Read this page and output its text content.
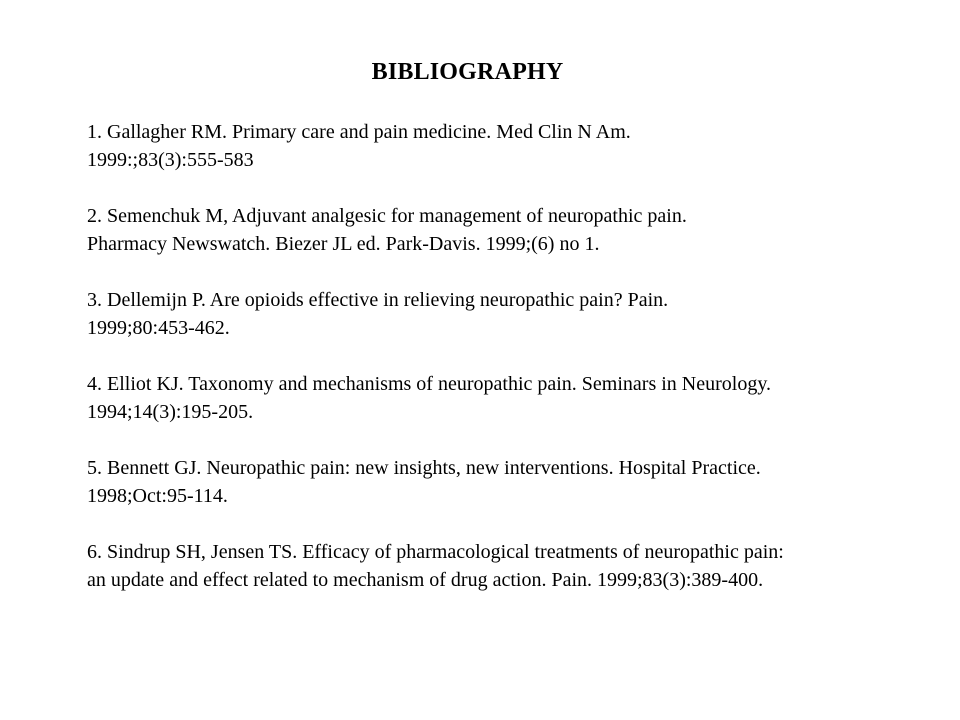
BIBLIOGRAPHY
1. Gallagher RM. Primary care and pain medicine. Med Clin N Am.
1999:;83(3):555-583
2. Semenchuk M, Adjuvant analgesic for management of neuropathic pain.
Pharmacy Newswatch. Biezer JL ed. Park-Davis. 1999;(6) no 1.
3. Dellemijn P. Are opioids effective in relieving neuropathic pain? Pain.
1999;80:453-462.
4. Elliot KJ. Taxonomy and mechanisms of neuropathic pain. Seminars in Neurology.
1994;14(3):195-205.
5. Bennett GJ. Neuropathic pain: new insights, new interventions. Hospital Practice.
1998;Oct:95-114.
6. Sindrup SH, Jensen TS. Efficacy of pharmacological treatments of neuropathic pain:
an update and effect related to mechanism of drug action. Pain. 1999;83(3):389-400.
